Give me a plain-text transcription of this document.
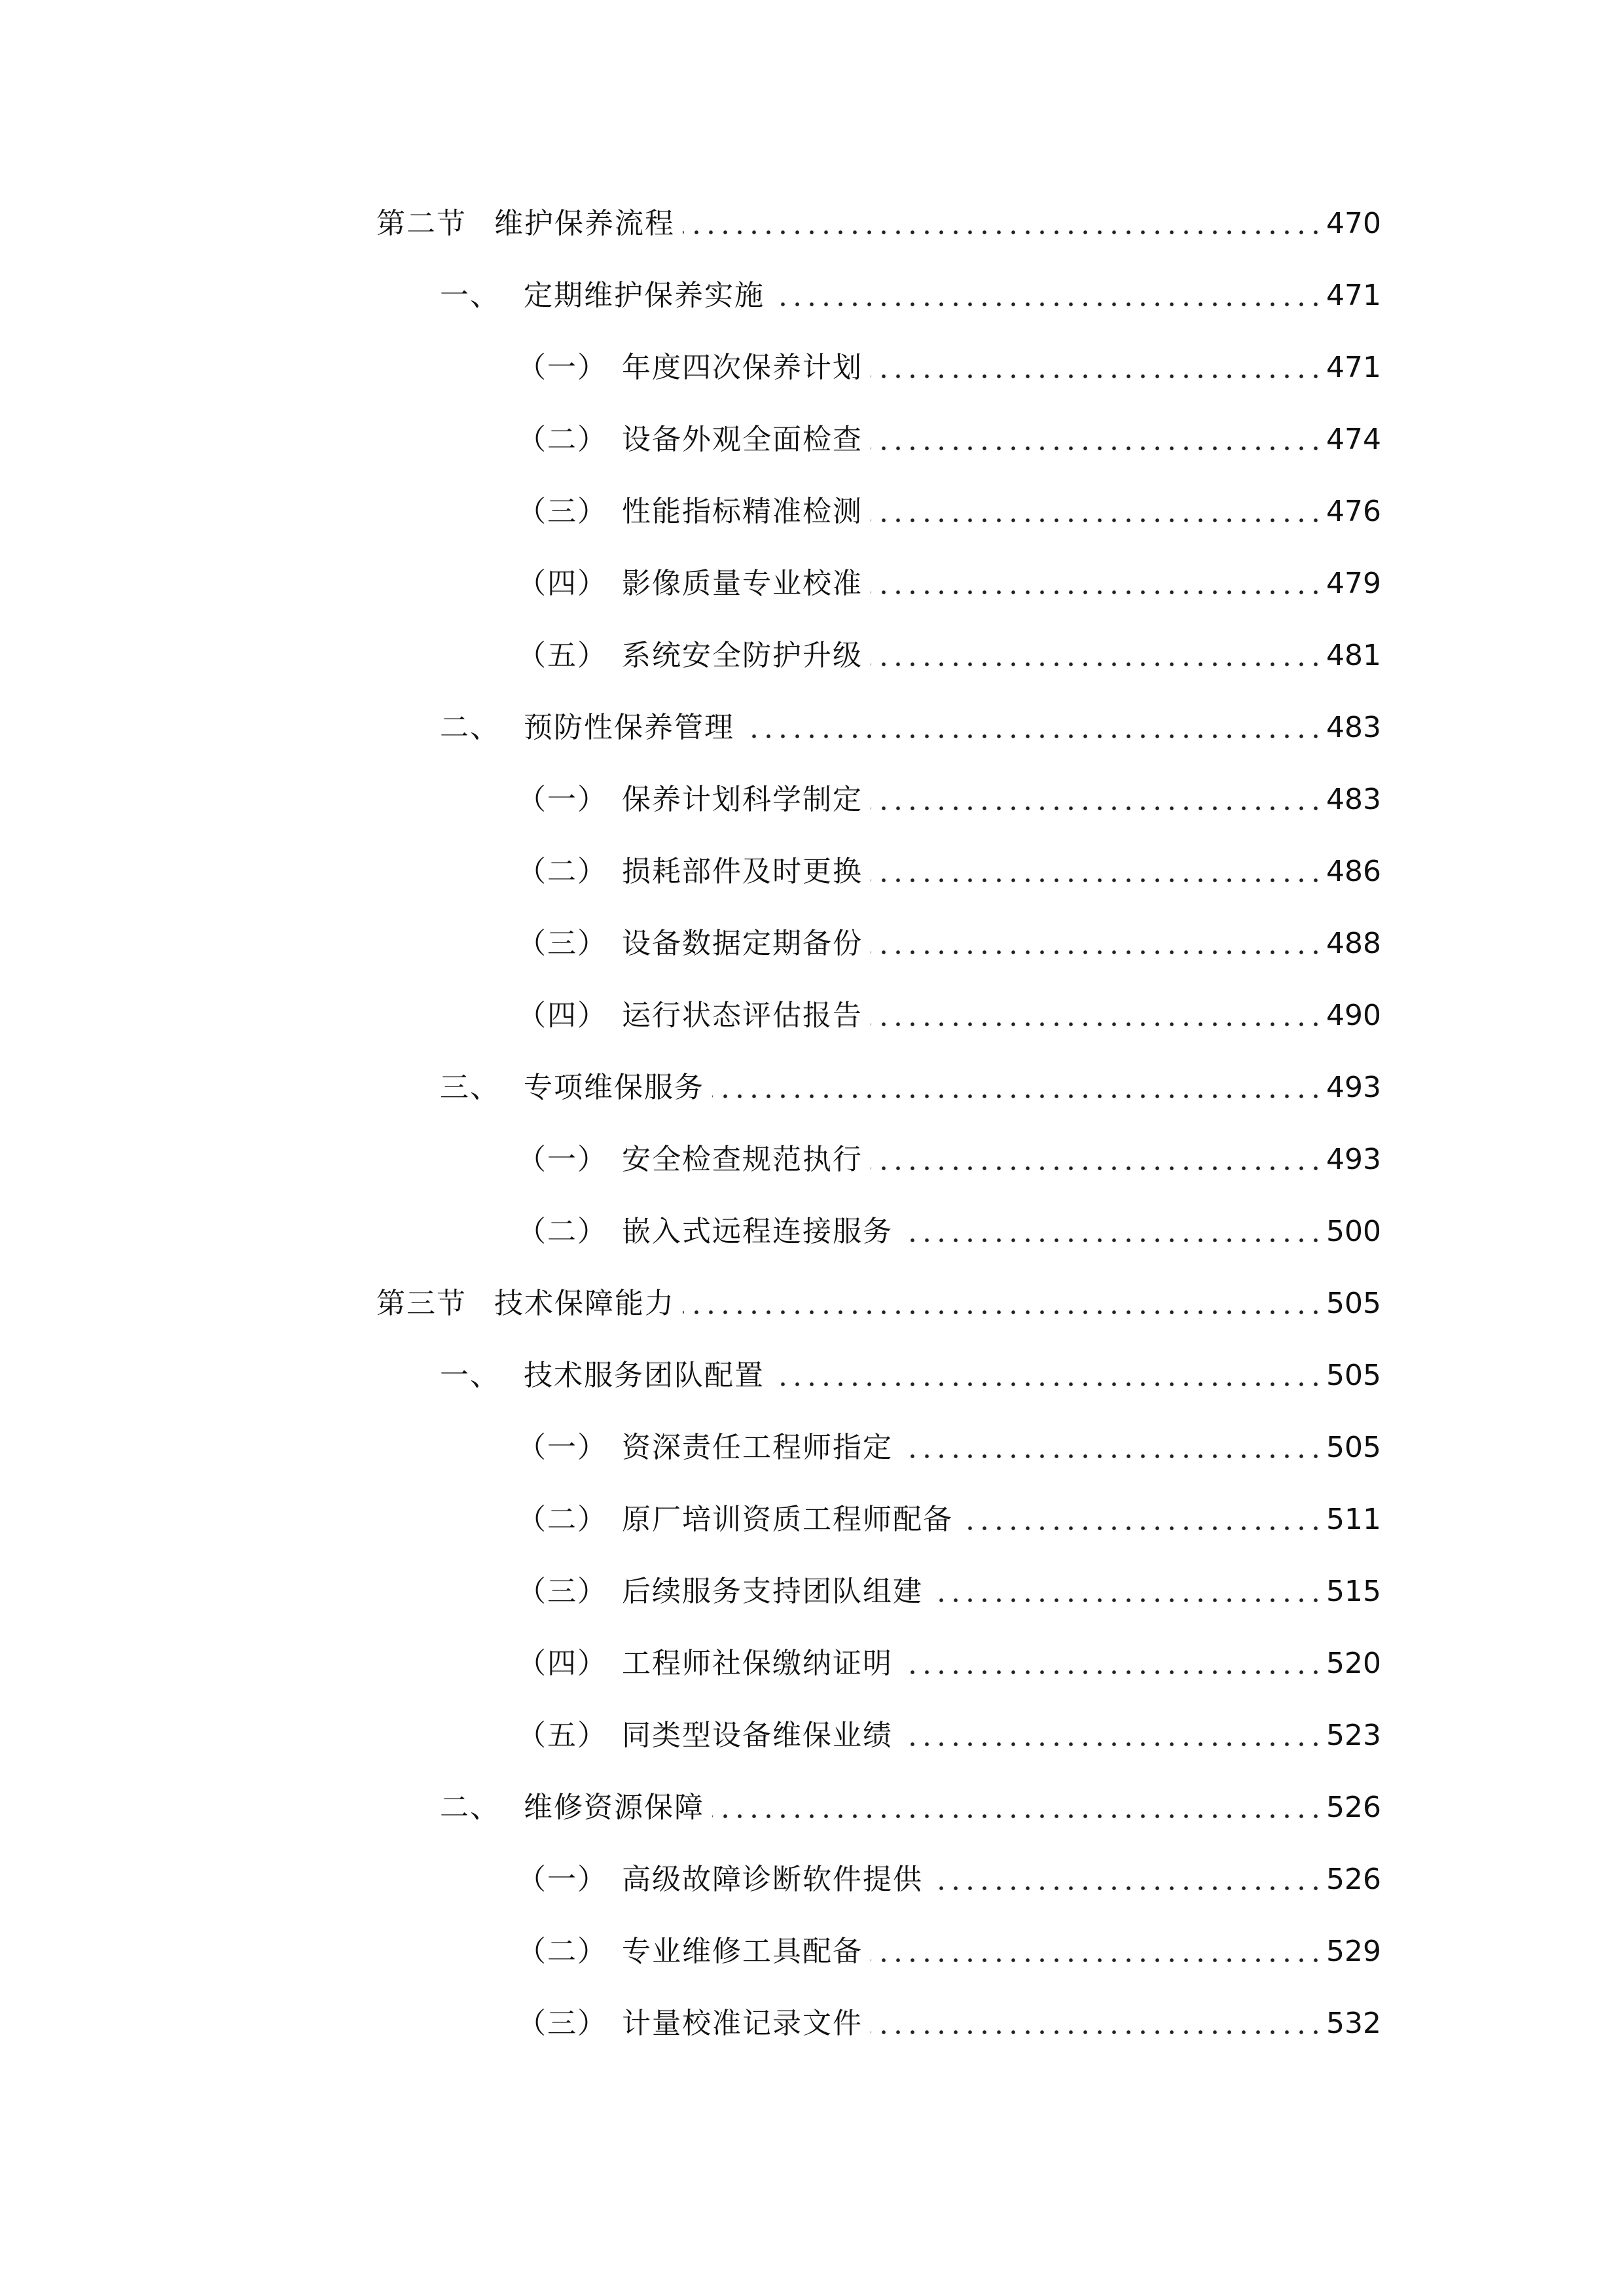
第二节 维护保养流程	470
一、 定期维护保养实施	471
（一） 年度四次保养计划	471
（二） 设备外观全面检查	474
（三） 性能指标精准检测	476
（四） 影像质量专业校准	479
（五） 系统安全防护升级	481
二、 预防性保养管理	483
（一） 保养计划科学制定	483
（二） 损耗部件及时更换	486
（三） 设备数据定期备份	488
（四） 运行状态评估报告	490
三、 专项维保服务	493
（一） 安全检查规范执行	493
（二） 嵌入式远程连接服务	500
第三节 技术保障能力	505
一、 技术服务团队配置	505
（一） 资深责任工程师指定	505
（二） 原厂培训资质工程师配备	511
（三） 后续服务支持团队组建	515
（四） 工程师社保缴纳证明	520
（五） 同类型设备维保业绩	523
二、 维修资源保障	526
（一） 高级故障诊断软件提供	526
（二） 专业维修工具配备	529
（三） 计量校准记录文件	532
